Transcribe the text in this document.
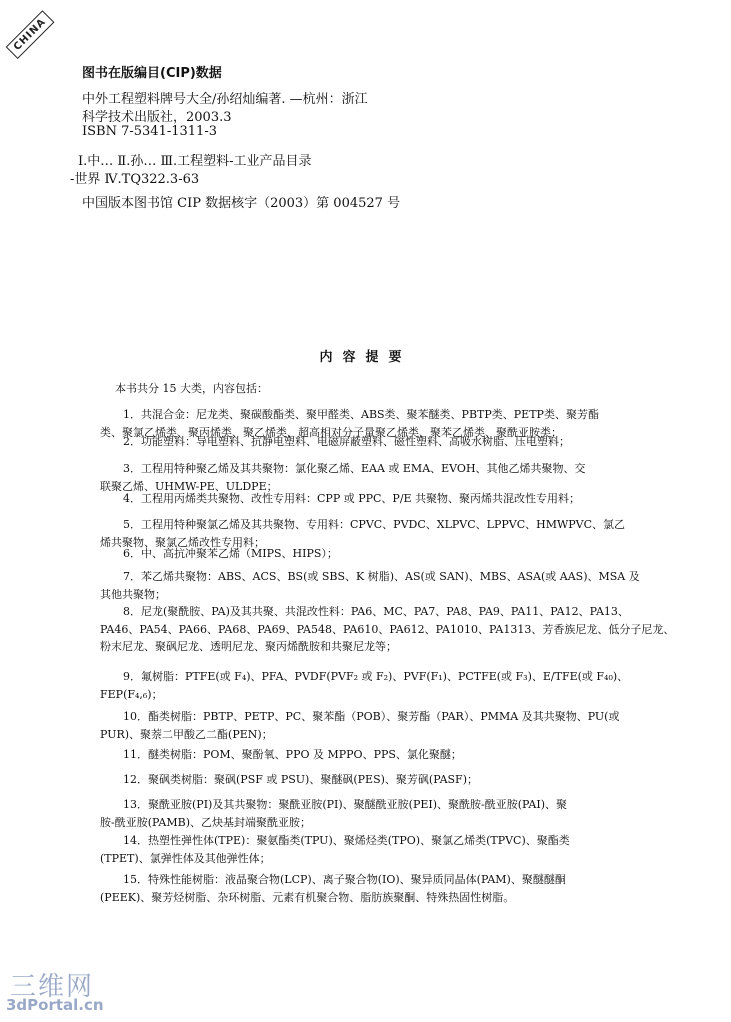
CHINA
图书在版编目(CIP)数据
中外工程塑料牌号大全/孙绍灿编著. —杭州：浙江
科学技术出版社，2003.3
ISBN 7-5341-1311-3
Ⅰ.中… Ⅱ.孙… Ⅲ.工程塑料-工业产品目录
-世界 Ⅳ.TQ322.3-63
中国版本图书馆 CIP 数据核字（2003）第 004527 号
内容提要
本书共分 15 大类，内容包括：
1．共混合金：尼龙类、聚碳酸酯类、聚甲醛类、ABS类、聚苯醚类、PBTP类、PETP类、聚芳酯
类、聚氯乙烯类、聚丙烯类、聚乙烯类、超高相对分子量聚乙烯类、聚苯乙烯类、聚酰亚胺类；
2．功能塑料：导电塑料、抗静电塑料、电磁屏蔽塑料、磁性塑料、高吸水树脂、压电塑料；
3．工程用特种聚乙烯及其共聚物：氯化聚乙烯、EAA 或 EMA、EVOH、其他乙烯共聚物、交
联聚乙烯、UHMW-PE、ULDPE；
4．工程用丙烯类共聚物、改性专用料：CPP 或 PPC、P/E 共聚物、聚丙烯共混改性专用料；
5．工程用特种聚氯乙烯及其共聚物、专用料：CPVC、PVDC、XLPVC、LPPVC、HMWPVC、氯乙
烯共聚物、聚氯乙烯改性专用料；
6．中、高抗冲聚苯乙烯（MIPS、HIPS）；
7．苯乙烯共聚物：ABS、ACS、BS(或 SBS、K 树脂)、AS(或 SAN)、MBS、ASA(或 AAS)、MSA 及
其他共聚物；
8．尼龙(聚酰胺、PA)及其共聚、共混改性料：PA6、MC、PA7、PA8、PA9、PA11、PA12、PA13、
PA46、PA54、PA66、PA68、PA69、PA548、PA610、PA612、PA1010、PA1313、芳香族尼龙、低分子尼龙、
粉末尼龙、聚砜尼龙、透明尼龙、聚丙烯酰胺和共聚尼龙等；
9．氟树脂：PTFE(或 F₄)、PFA、PVDF(PVF₂ 或 F₂)、PVF(F₁)、PCTFE(或 F₃)、E/TFE(或 F₄₀)、
FEP(F₄,₆)；
10．酯类树脂：PBTP、PETP、PC、聚苯酯（POB）、聚芳酯（PAR）、PMMA 及其共聚物、PU(或
PUR)、聚萘二甲酸乙二酯(PEN)；
11．醚类树脂：POM、聚酚氧、PPO 及 MPPO、PPS、氯化聚醚；
12．聚砜类树脂：聚砜(PSF 或 PSU)、聚醚砜(PES)、聚芳砜(PASF)；
13．聚酰亚胺(PI)及其共聚物：聚酰亚胺(PI)、聚醚酰亚胺(PEI)、聚酰胺-酰亚胺(PAI)、聚
胺-酰亚胺(PAMB)、乙炔基封端聚酰亚胺；
14．热塑性弹性体(TPE)：聚氨酯类(TPU)、聚烯烃类(TPO)、聚氯乙烯类(TPVC)、聚酯类
(TPET)、氯弹性体及其他弹性体；
15．特殊性能树脂：液晶聚合物(LCP)、离子聚合物(IO)、聚异质同晶体(PAM)、聚醚醚酮
(PEEK)、聚芳烃树脂、杂环树脂、元素有机聚合物、脂肪族聚酮、特殊热固性树脂。
三维网
3dPortal.cn
